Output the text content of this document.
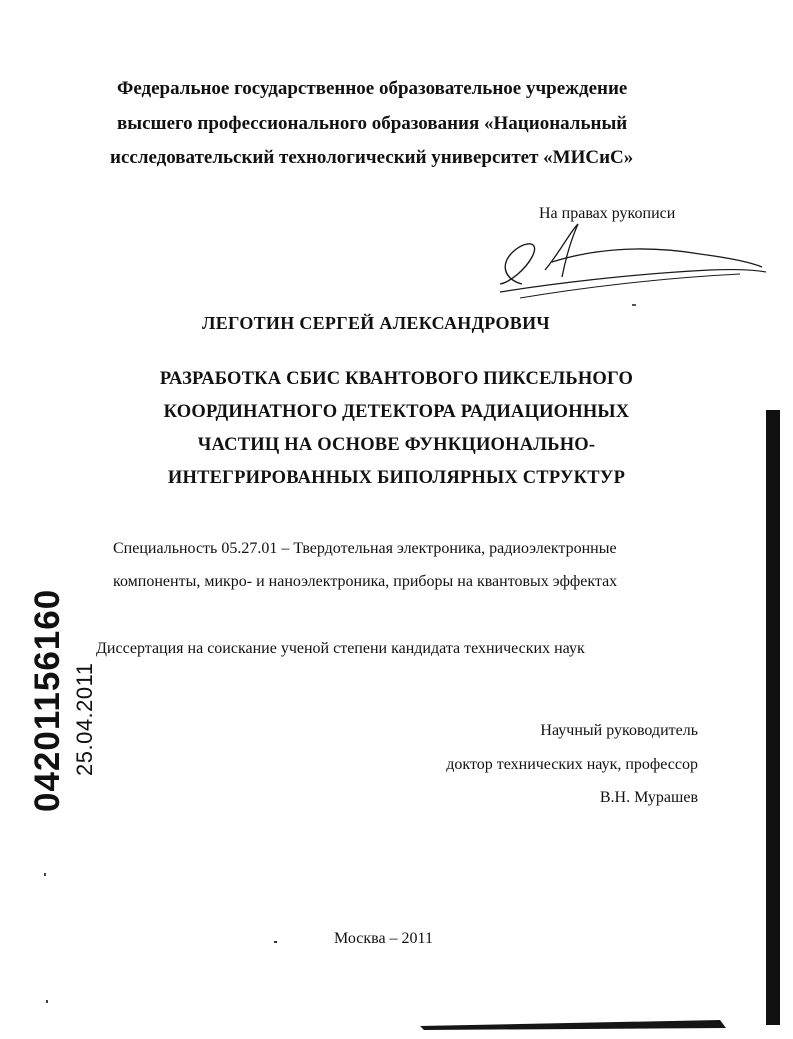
Федеральное государственное образовательное учреждение
высшего профессионального образования «Национальный
исследовательский технологический университет «МИСиС»
На правах рукописи
ЛЕГОТИН СЕРГЕЙ АЛЕКСАНДРОВИЧ
РАЗРАБОТКА СБИС КВАНТОВОГО ПИКСЕЛЬНОГО
КООРДИНАТНОГО ДЕТЕКТОРА РАДИАЦИОННЫХ
ЧАСТИЦ НА ОСНОВЕ ФУНКЦИОНАЛЬНО-
ИНТЕГРИРОВАННЫХ БИПОЛЯРНЫХ СТРУКТУР
Специальность 05.27.01 – Твердотельная электроника, радиоэлектронные
компоненты, микро- и наноэлектроника, приборы на квантовых эффектах
Диссертация на соискание ученой степени кандидата технических наук
Научный руководитель
доктор технических наук, профессор
В.Н. Мурашев
Москва – 2011
04201156160 25.04.2011
